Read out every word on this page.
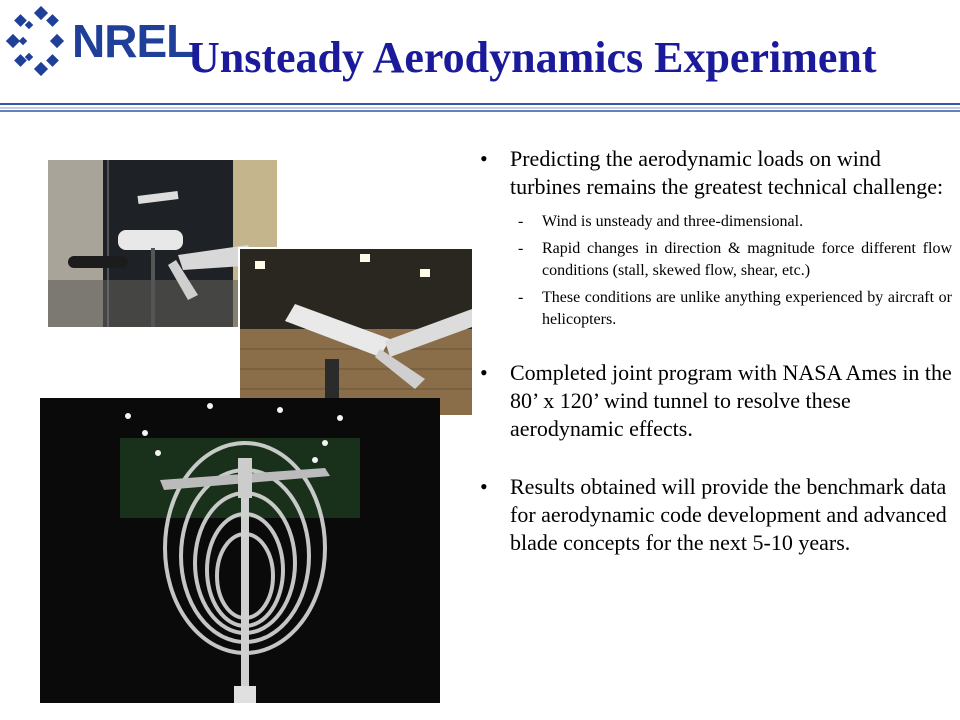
NREL
Unsteady Aerodynamics Experiment
•	Predicting the aerodynamic loads on wind turbines remains the greatest technical challenge:
-	Wind is unsteady and three-dimensional.
-	Rapid changes in direction & magnitude force different flow conditions (stall, skewed flow, shear, etc.)
-	These conditions are unlike anything experienced by aircraft or helicopters.
•	Completed joint program with NASA Ames in the 80’ x 120’ wind tunnel to resolve these aerodynamic effects.
•	Results obtained will provide the benchmark data for aerodynamic code development and advanced blade concepts for the next 5-10 years.
